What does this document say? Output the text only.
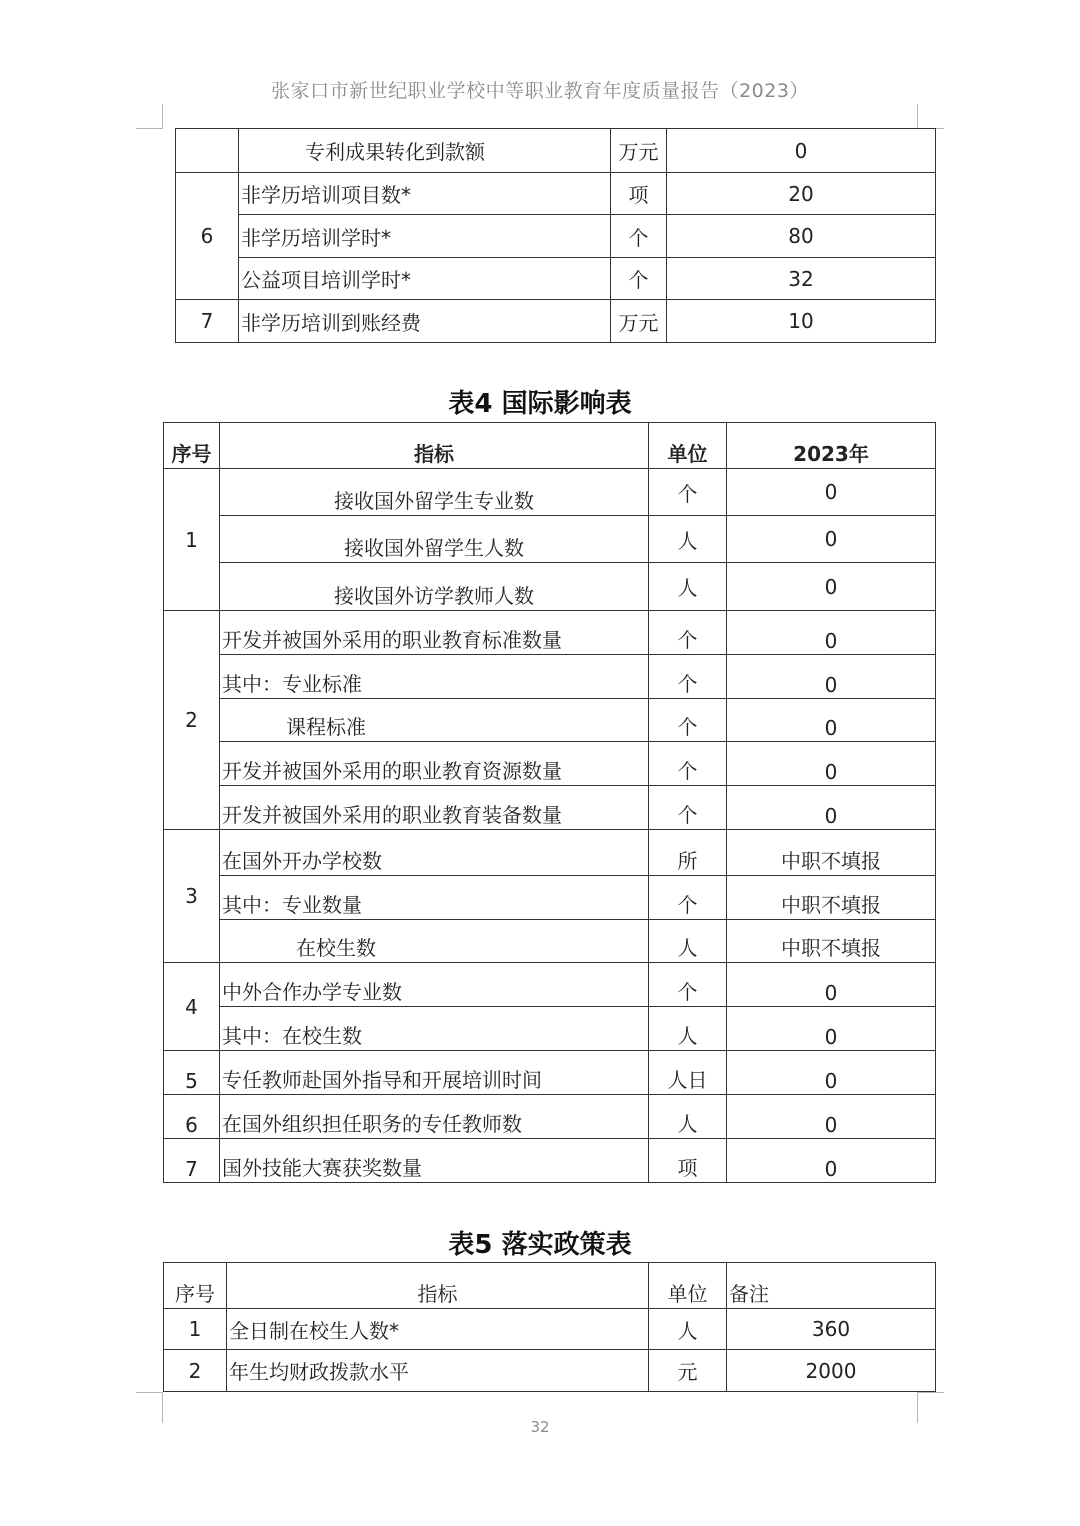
张家口市新世纪职业学校中等职业教育年度质量报告（2023）
	专利成果转化到款额	万元	0
6	非学历培训项目数*	项	20
	非学历培训学时*	个	80
	公益项目培训学时*	个	32
7	非学历培训到账经费	万元	10
表4 国际影响表
序号	指标	单位	2023年
1	接收国外留学生专业数	个	0
	接收国外留学生人数	人	0
	接收国外访学教师人数	人	0
2	开发并被国外采用的职业教育标准数量	个	0
	其中：专业标准	个	0
	课程标准	个	0
	开发并被国外采用的职业教育资源数量	个	0
	开发并被国外采用的职业教育装备数量	个	0
3	在国外开办学校数	所	中职不填报
	其中：专业数量	个	中职不填报
	在校生数	人	中职不填报
4	中外合作办学专业数	个	0
	其中：在校生数	人	0
5	专任教师赴国外指导和开展培训时间	人日	0
6	在国外组织担任职务的专任教师数	人	0
7	国外技能大赛获奖数量	项	0
表5 落实政策表
序号	指标	单位	备注
1	全日制在校生人数*	人	360
2	年生均财政拨款水平	元	2000
32
